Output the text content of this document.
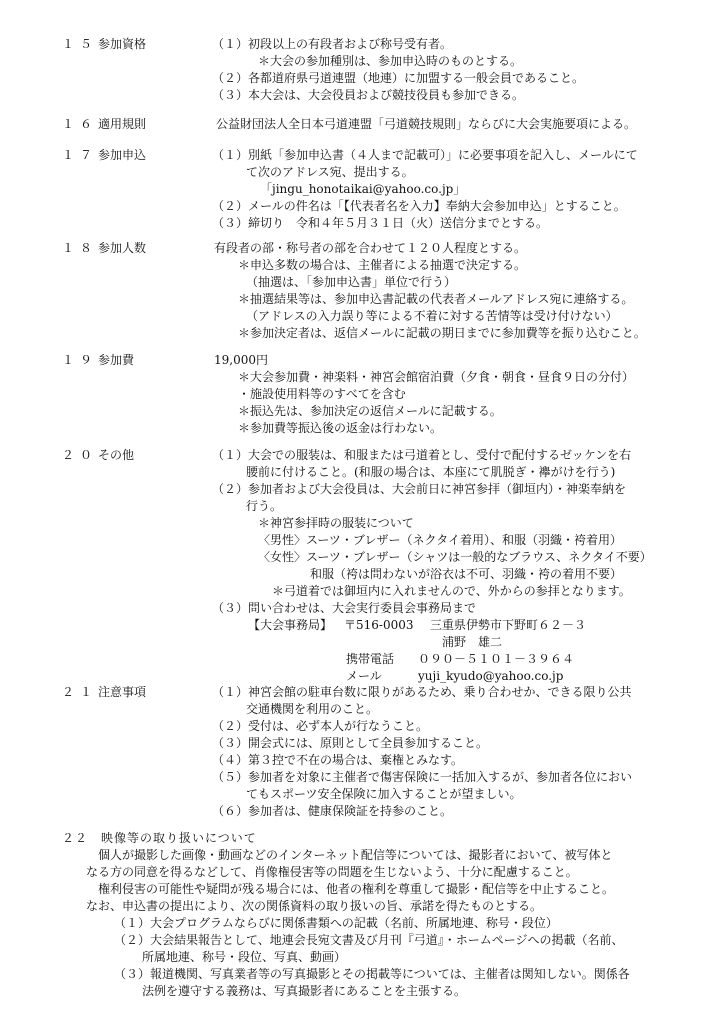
１５ 参加資格	（１）初段以上の有段者および称号受有者。
＊大会の参加種別は、参加申込時のものとする。
（２）各都道府県弓道連盟（地連）に加盟する一般会員であること。
（３）本大会は、大会役員および競技役員も参加できる。
１６ 適用規則	公益財団法人全日本弓道連盟「弓道競技規則」ならびに大会実施要項による。
１７ 参加申込	（１）別紙「参加申込書（４人まで記載可）」に必要事項を記入し、メールにて
て次のアドレス宛、提出する。
「jingu_honotaikai@yahoo.co.jp」
（２）メールの件名は「【代表者名を入力】奉納大会参加申込」とすること。
（３）締切り　令和４年５月３１日（火）送信分までとする。
１８ 参加人数	有段者の部・称号者の部を合わせて１２０人程度とする。
＊申込多数の場合は、主催者による抽選で決定する。
（抽選は、「参加申込書」単位で行う）
＊抽選結果等は、参加申込書記載の代表者メールアドレス宛に連絡する。
（アドレスの入力誤り等による不着に対する苦情等は受け付けない）
＊参加決定者は、返信メールに記載の期日までに参加費等を振り込むこと。
１９ 参加費	19,000円
＊大会参加費・神楽料・神宮会館宿泊費（夕食・朝食・昼食９日の分付）
・施設使用料等のすべてを含む
＊振込先は、参加決定の返信メールに記載する。
＊参加費等振込後の返金は行わない。
２０ その他	（１）大会での服装は、和服または弓道着とし、受付で配付するゼッケンを右
腰前に付けること。(和服の場合は、本座にて肌脱ぎ・襷がけを行う)
（２）参加者および大会役員は、大会前日に神宮参拝（御垣内）・神楽奉納を
行う。
＊神宮参拝時の服装について
〈男性〉スーツ・ブレザー（ネクタイ着用）、和服（羽織・袴着用）
〈女性〉スーツ・ブレザー（シャツは一般的なブラウス、ネクタイ不要）
和服（袴は問わないが浴衣は不可、羽織・袴の着用不要）
＊弓道着では御垣内に入れませんので、外からの参拝となります。
（３）問い合わせは、大会実行委員会事務局まで
【大会事務局】 〒516-0003 三重県伊勢市下野町６２－３
浦野　雄二
携帯電話 ０９０－５１０１－３９６４
メール	yuji_kyudo@yahoo.co.jp
２１ 注意事項	（１）神宮会館の駐車台数に限りがあるため、乗り合わせか、できる限り公共
交通機関を利用のこと。
（２）受付は、必ず本人が行なうこと。
（３）開会式には、原則として全員参加すること。
（４）第３控で不在の場合は、棄権とみなす。
（５）参加者を対象に主催者で傷害保険に一括加入するが、参加者各位におい
てもスポーツ安全保険に加入することが望ましい。
（６）参加者は、健康保険証を持参のこと。
２２　映像等の取り扱いについて
個人が撮影した画像・動画などのインターネット配信等については、撮影者において、被写体と
なる方の同意を得るなどして、肖像権侵害等の問題を生じないよう、十分に配慮すること。
権利侵害の可能性や疑問が残る場合には、他者の権利を尊重して撮影・配信等を中止すること。
なお、申込書の提出により、次の関係資料の取り扱いの旨、承諾を得たものとする。
（１）大会プログラムならびに関係書類への記載（名前、所属地連、称号・段位）
（２）大会結果報告として、地連会長宛文書及び月刊『弓道』・ホームページへの掲載（名前、
所属地連、称号・段位、写真、動画）
（３）報道機関、写真業者等の写真撮影とその掲載等については、主催者は関知しない。関係各
法例を遵守する義務は、写真撮影者にあることを主張する。
